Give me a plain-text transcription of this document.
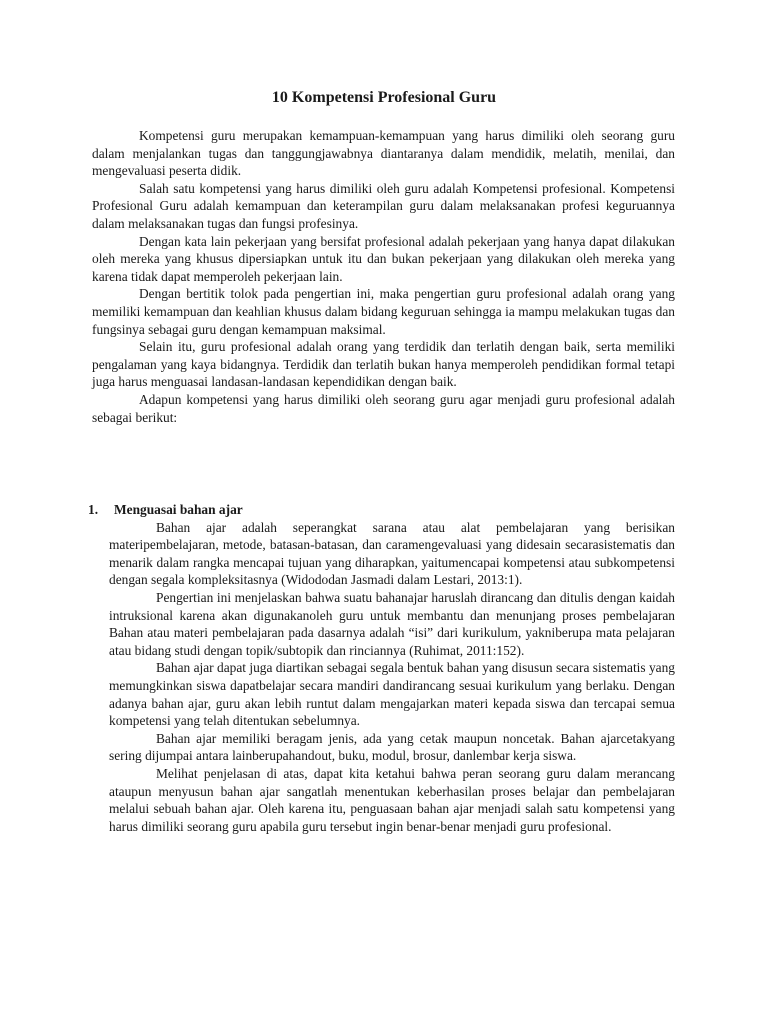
10 Kompetensi Profesional Guru

Kompetensi guru merupakan kemampuan-kemampuan yang harus dimiliki oleh seorang guru dalam menjalankan tugas dan tanggungjawabnya diantaranya dalam mendidik, melatih, menilai, dan mengevaluasi peserta didik.

Salah satu kompetensi yang harus dimiliki oleh guru adalah Kompetensi profesional. Kompetensi Profesional Guru adalah kemampuan dan keterampilan guru dalam melaksanakan profesi keguruannya dalam melaksanakan tugas dan fungsi profesinya.

Dengan kata lain pekerjaan yang bersifat profesional adalah pekerjaan yang hanya dapat dilakukan oleh mereka yang khusus dipersiapkan untuk itu dan bukan pekerjaan yang dilakukan oleh mereka yang karena tidak dapat memperoleh pekerjaan lain.

Dengan bertitik tolok pada pengertian ini, maka pengertian guru profesional adalah orang yang memiliki kemampuan dan keahlian khusus dalam bidang keguruan sehingga ia mampu melakukan tugas dan fungsinya sebagai guru dengan kemampuan maksimal.

Selain itu, guru profesional adalah orang yang terdidik dan terlatih dengan baik, serta memiliki pengalaman yang kaya bidangnya. Terdidik dan terlatih bukan hanya memperoleh pendidikan formal tetapi juga harus menguasai landasan-landasan kependidikan dengan baik.

Adapun kompetensi yang harus dimiliki oleh seorang guru agar menjadi guru profesional adalah sebagai berikut:

1. Menguasai bahan ajar

Bahan ajar adalah seperangkat sarana atau alat pembelajaran yang berisikan materipembelajaran, metode, batasan-batasan, dan caramengevaluasi yang didesain secarasistematis dan menarik dalam rangka mencapai tujuan yang diharapkan, yaitumencapai kompetensi atau subkompetensi dengan segala kompleksitasnya (Widododan Jasmadi dalam Lestari, 2013:1).

Pengertian ini menjelaskan bahwa suatu bahanajar haruslah dirancang dan ditulis dengan kaidah intruksional karena akan digunakanoleh guru untuk membantu dan menunjang proses pembelajaran Bahan atau materi pembelajaran pada dasarnya adalah “isi” dari kurikulum, yakniberupa mata pelajaran atau bidang studi dengan topik/subtopik dan rinciannya (Ruhimat, 2011:152).

Bahan ajar dapat juga diartikan sebagai segala bentuk bahan yang disusun secara sistematis yang memungkinkan siswa dapatbelajar secara mandiri dandirancang sesuai kurikulum yang berlaku. Dengan adanya bahan ajar, guru akan lebih runtut dalam mengajarkan materi kepada siswa dan tercapai semua kompetensi yang telah ditentukan sebelumnya.

Bahan ajar memiliki beragam jenis, ada yang cetak maupun noncetak. Bahan ajarcetakyang sering dijumpai antara lainberupahandout, buku, modul, brosur, danlembar kerja siswa.

Melihat penjelasan di atas, dapat kita ketahui bahwa peran seorang guru dalam merancang ataupun menyusun bahan ajar sangatlah menentukan keberhasilan proses belajar dan pembelajaran melalui sebuah bahan ajar. Oleh karena itu, penguasaan bahan ajar menjadi salah satu kompetensi yang harus dimiliki seorang guru apabila guru tersebut ingin benar-benar menjadi guru profesional.
